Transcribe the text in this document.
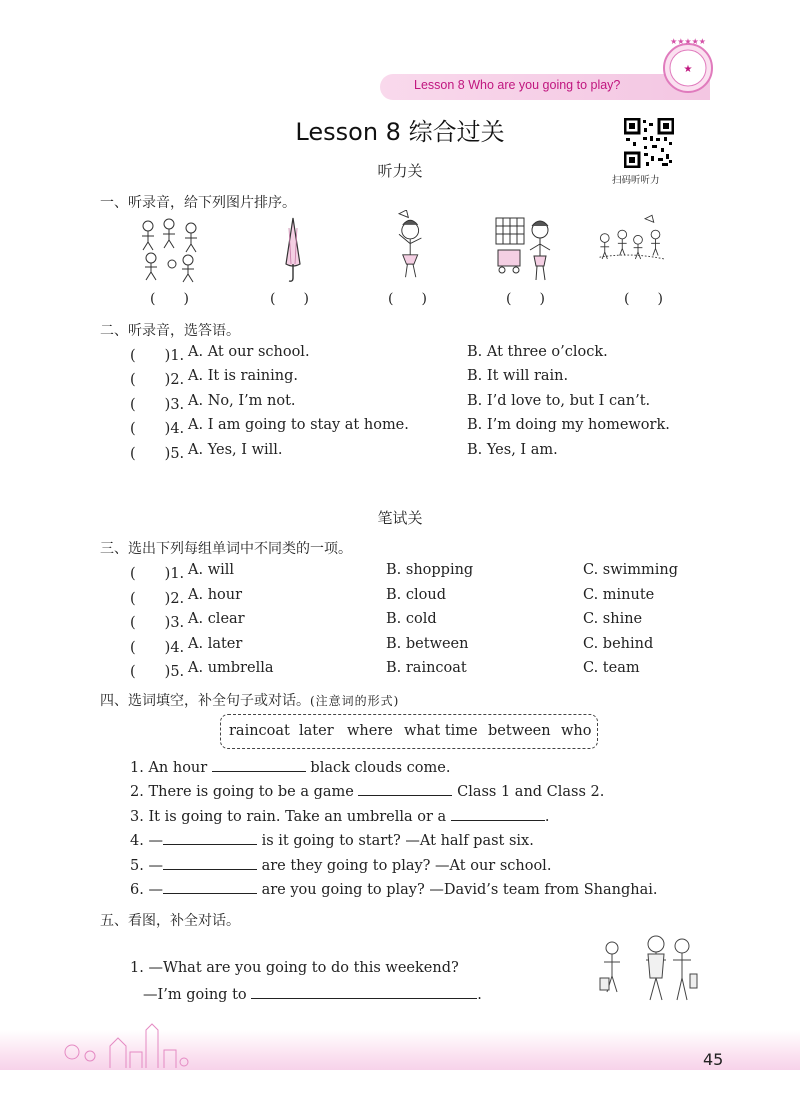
Lesson 8 Who are you going to play?
★
★★★★★
Lesson 8 综合过关
扫码听听力
听力关
一、听录音，给下列图片排序。
(　　)	(　　)	(　　)	(　　)	(　　)
二、听录音，选答语。
(　　)1. A. At our school.	B. At three o’clock.
(　　)2. A. It is raining.	B. It will rain.
(　　)3. A. No, I’m not.	B. I’d love to, but I can’t.
(　　)4. A. I am going to stay at home.	B. I’m doing my homework.
(　　)5. A. Yes, I will.	B. Yes, I am.
笔试关
三、选出下列每组单词中不同类的一项。
(　　)1. A. will	B. shopping	C. swimming
(　　)2. A. hour	B. cloud	C. minute
(　　)3. A. clear	B. cold	C. shine
(　　)4. A. later	B. between	C. behind
(　　)5. A. umbrella	B. raincoat	C. team
四、选词填空，补全句子或对话。(注意词的形式)
raincoat later where what time between who
1. An hour	black clouds come.
2. There is going to be a game	Class 1 and Class 2.
3. It is going to rain. Take an umbrella or a	.
4. —	is it going to start? —At half past six.
5. —	are they going to play? —At our school.
6. —	are you going to play? —David’s team from Shanghai.
五、看图，补全对话。
1. —What are you going to do this weekend?
—I’m going to	.
45
